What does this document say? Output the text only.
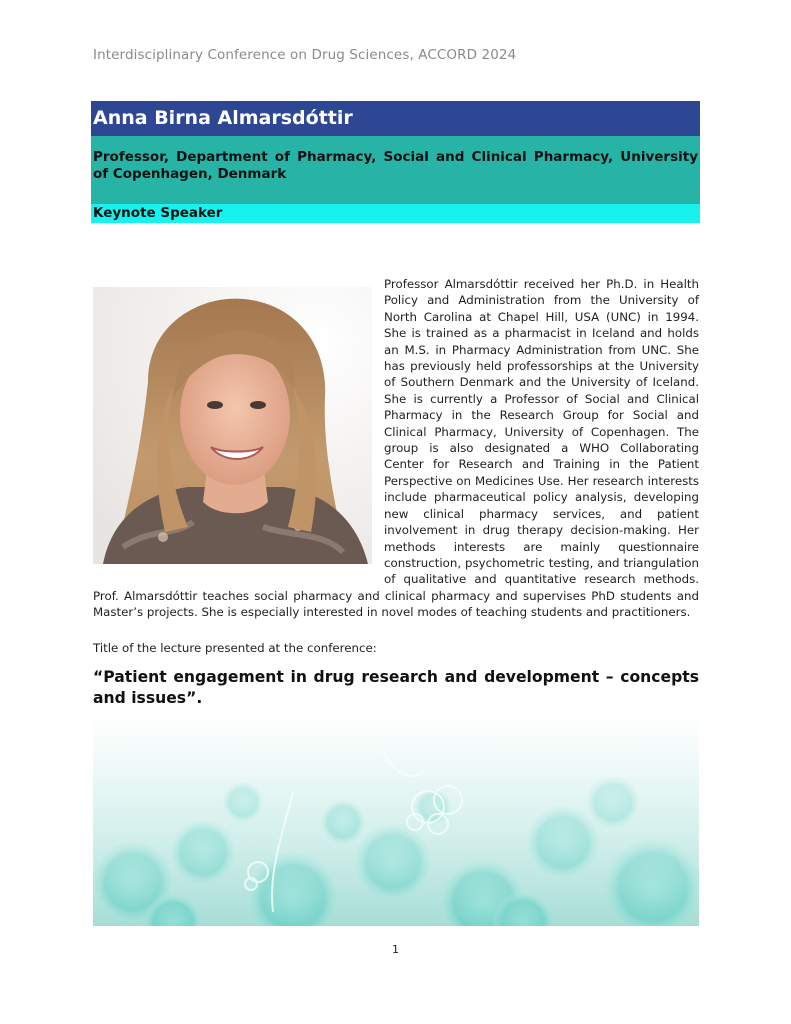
Interdisciplinary Conference on Drug Sciences, ACCORD 2024
Anna Birna Almarsdóttir
Professor, Department of Pharmacy, Social and Clinical Pharmacy, University of Copenhagen, Denmark
Keynote Speaker
Professor Almarsdóttir received her Ph.D. in Health Policy and Administration from the University of North Carolina at Chapel Hill, USA (UNC) in 1994. She is trained as a pharmacist in Iceland and holds an M.S. in Pharmacy Administration from UNC. She has previously held professorships at the University of Southern Denmark and the University of Iceland. She is currently a Professor of Social and Clinical Pharmacy in the Research Group for Social and Clinical Pharmacy, University of Copenhagen. The group is also designated a WHO Collaborating Center for Research and Training in the Patient Perspective on Medicines Use. Her research interests include pharmaceutical policy analysis, developing new clinical pharmacy services, and patient involvement in drug therapy decision-making. Her methods interests are mainly questionnaire construction, psychometric testing, and triangulation of qualitative and quantitative research methods. Prof. Almarsdóttir teaches social pharmacy and clinical pharmacy and supervises PhD students and Master’s projects. She is especially interested in novel modes of teaching students and practitioners.
Title of the lecture presented at the conference:
“Patient engagement in drug research and development – concepts and issues”.
1
